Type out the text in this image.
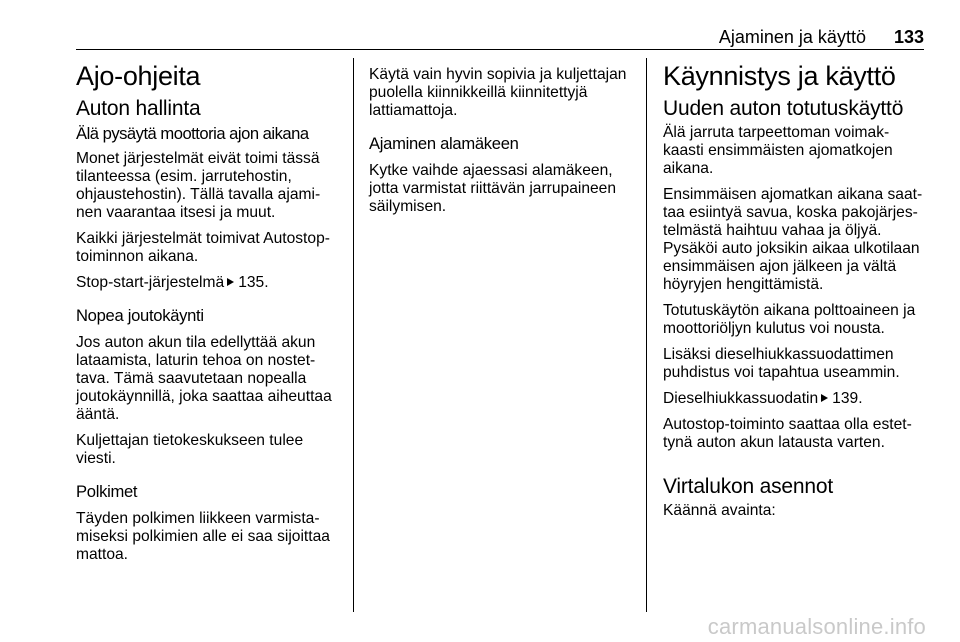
Ajaminen ja käyttö 133
Ajo-ohjeita
Auton hallinta
Älä pysäytä moottoria ajon aikana

Monet järjestelmät eivät toimi tässä
tilanteessa (esim. jarrutehostin,
ohjaustehostin). Tällä tavalla ajami-
nen vaarantaa itsesi ja muut.

Kaikki järjestelmät toimivat Autostop-
toiminnon aikana.

Stop-start-järjestelmä 135.

Nopea joutokäynti

Jos auton akun tila edellyttää akun
lataamista, laturin tehoa on nostet-
tava. Tämä saavutetaan nopealla
joutokäynnillä, joka saattaa aiheuttaa
ääntä.

Kuljettajan tietokeskukseen tulee
viesti.

Polkimet

Täyden polkimen liikkeen varmista-
miseksi polkimien alle ei saa sijoittaa
mattoa.

Käytä vain hyvin sopivia ja kuljettajan
puolella kiinnikkeillä kiinnitettyjä
lattiamattoja.

Ajaminen alamäkeen

Kytke vaihde ajaessasi alamäkeen,
jotta varmistat riittävän jarrupaineen
säilymisen.

Käynnistys ja käyttö
Uuden auton totutuskäyttö

Älä jarruta tarpeettoman voimak-
kaasti ensimmäisten ajomatkojen
aikana.

Ensimmäisen ajomatkan aikana saat-
taa esiintyä savua, koska pakojärjes-
telmästä haihtuu vahaa ja öljyä.
Pysäköi auto joksikin aikaa ulkotilaan
ensimmäisen ajon jälkeen ja vältä
höyryjen hengittämistä.

Totutuskäytön aikana polttoaineen ja
moottoriöljyn kulutus voi nousta.

Lisäksi dieselhiukkassuodattimen
puhdistus voi tapahtua useammin.

Dieselhiukkassuodatin 139.

Autostop-toiminto saattaa olla estet-
tynä auton akun lataustа varten.

Virtalukon asennot

Käännä avainta:

carmanualsonline.info
